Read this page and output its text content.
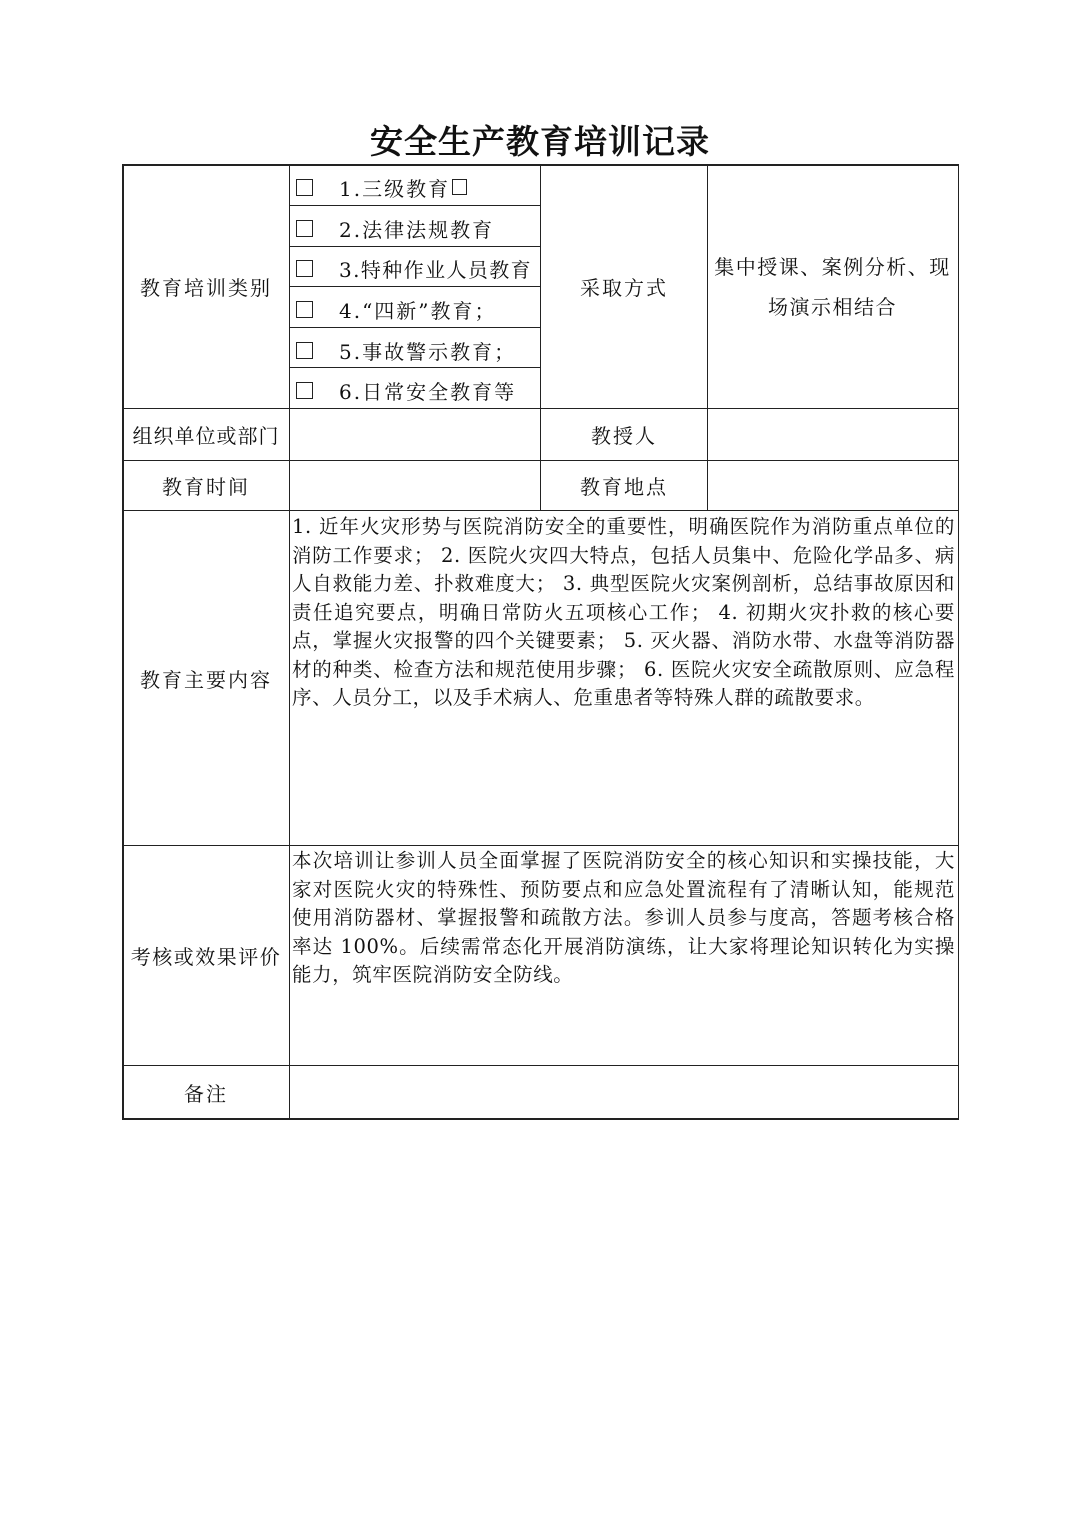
安全生产教育培训记录
教育培训类别
1.三级教育
2.法律法规教育
3.特种作业人员教育
4.“四新”教育；
5.事故警示教育；
6.日常安全教育等
采取方式
集中授课、案例分析、现场演示相结合
组织单位或部门	教授人
教育时间	教育地点
教育主要内容
1. 近年火灾形势与医院消防安全的重要性，明确医院作为消防重点单位的消防工作要求； 2. 医院火灾四大特点，包括人员集中、危险化学品多、病人自救能力差、扑救难度大； 3. 典型医院火灾案例剖析，总结事故原因和责任追究要点，明确日常防火五项核心工作； 4. 初期火灾扑救的核心要点，掌握火灾报警的四个关键要素； 5. 灭火器、消防水带、水盘等消防器材的种类、检查方法和规范使用步骤； 6. 医院火灾安全疏散原则、应急程序、人员分工，以及手术病人、危重患者等特殊人群的疏散要求。
考核或效果评价
本次培训让参训人员全面掌握了医院消防安全的核心知识和实操技能，大家对医院火灾的特殊性、预防要点和应急处置流程有了清晰认知，能规范使用消防器材、掌握报警和疏散方法。参训人员参与度高，答题考核合格率达 100%。后续需常态化开展消防演练，让大家将理论知识转化为实操能力，筑牢医院消防安全防线。
备注
